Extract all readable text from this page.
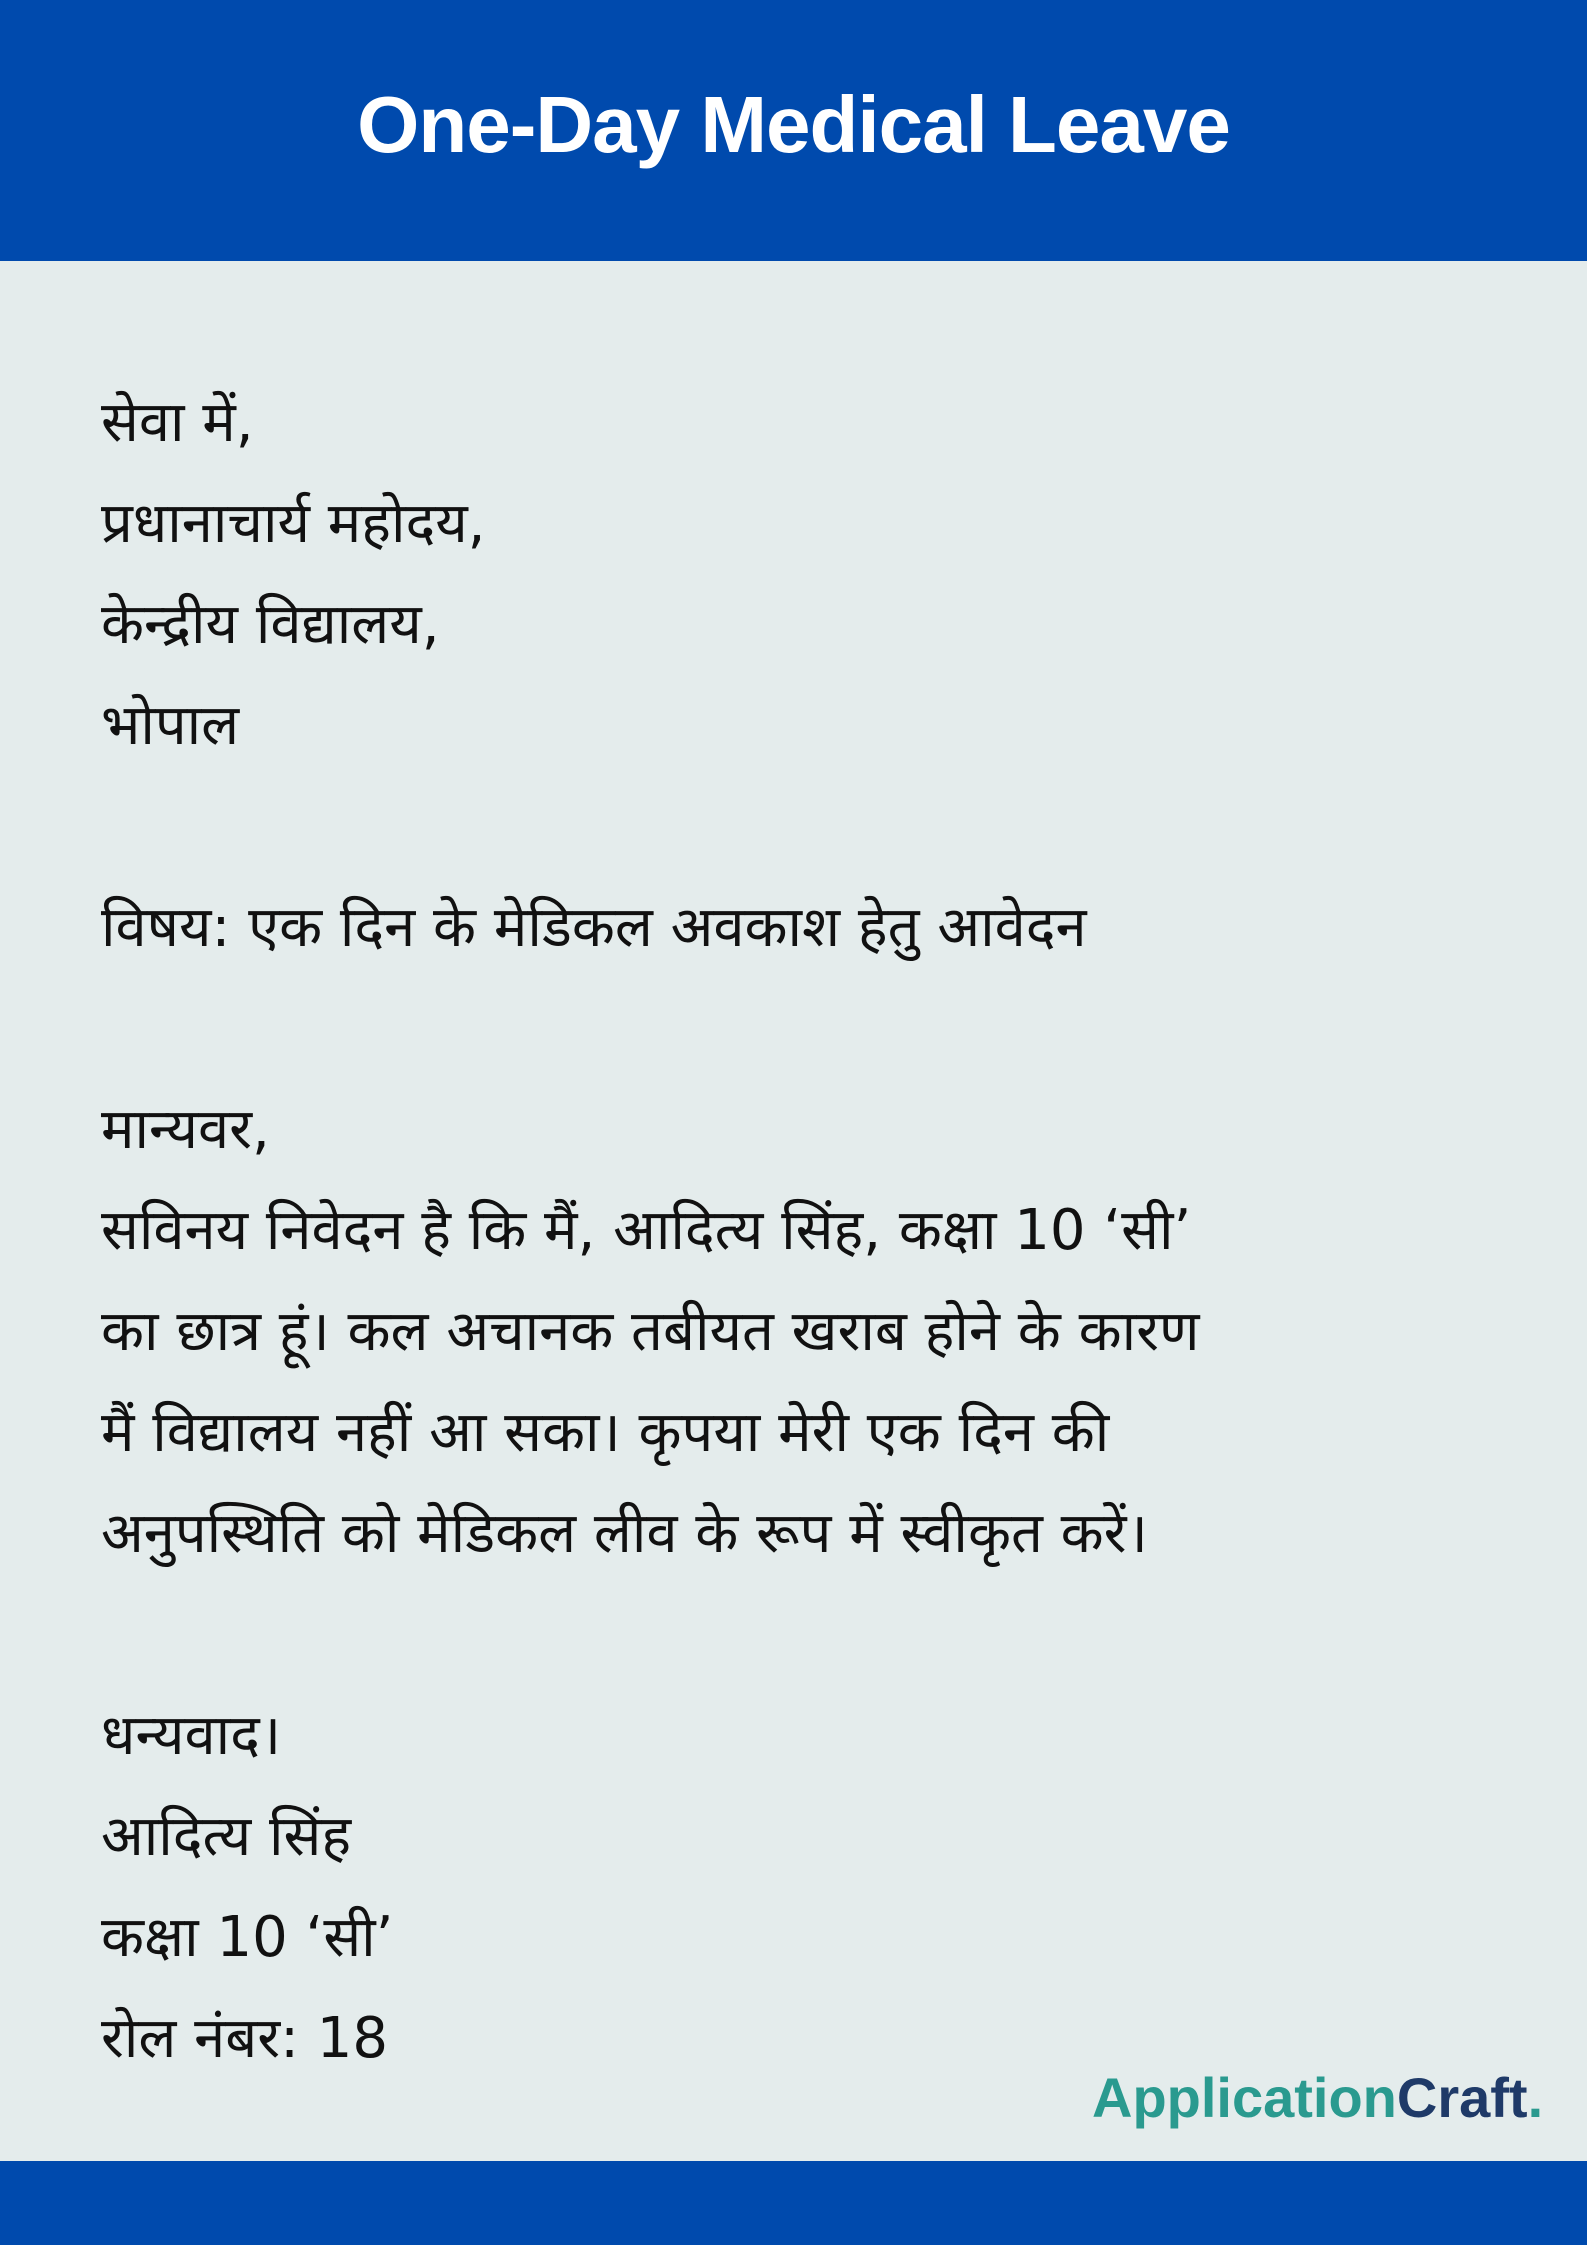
One-Day Medical Leave
सेवा में,
प्रधानाचार्य महोदय,
केन्द्रीय विद्यालय,
भोपाल
विषय: एक दिन के मेडिकल अवकाश हेतु आवेदन
मान्यवर,
सविनय निवेदन है कि मैं, आदित्य सिंह, कक्षा 10 ‘सी’
का छात्र हूं। कल अचानक तबीयत खराब होने के कारण
मैं विद्यालय नहीं आ सका। कृपया मेरी एक दिन की
अनुपस्थिति को मेडिकल लीव के रूप में स्वीकृत करें।
धन्यवाद।
आदित्य सिंह
कक्षा 10 ‘सी’
रोल नंबर: 18
ApplicationCraft.
